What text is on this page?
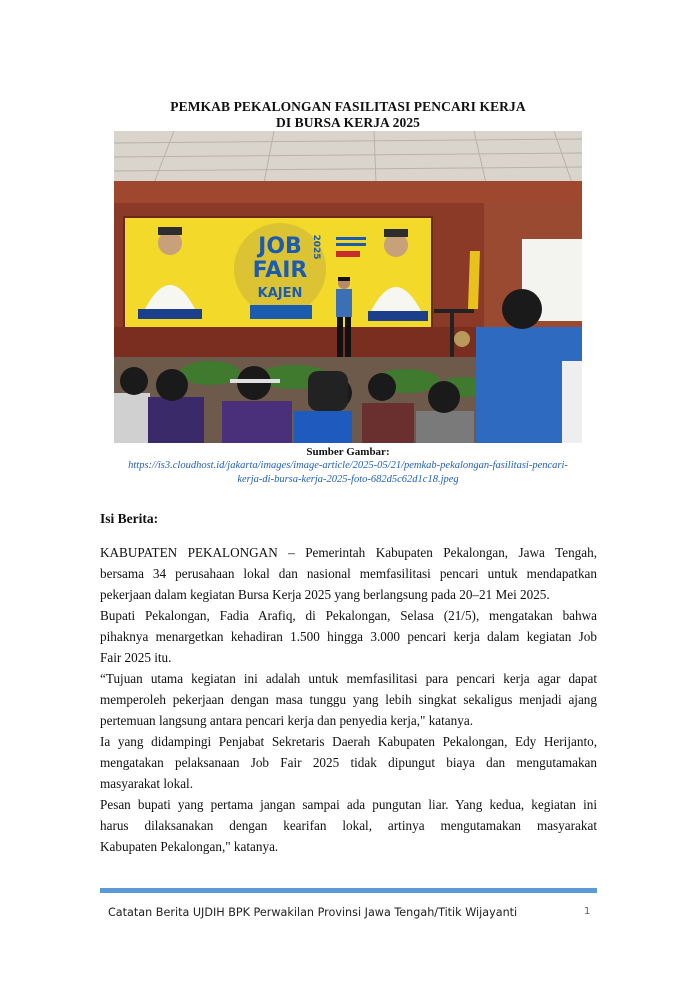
PEMKAB PEKALONGAN FASILITASI PENCARI KERJA
DI BURSA KERJA 2025
JOB
FAIR
2025
KAJEN
Sumber Gambar:
https://is3.cloudhost.id/jakarta/images/image-article/2025-05/21/pemkab-pekalongan-fasilitasi-pencari-
kerja-di-bursa-kerja-2025-foto-682d5c62d1c18.jpeg
Isi Berita:
KABUPATEN PEKALONGAN – Pemerintah Kabupaten Pekalongan, Jawa Tengah,
bersama 34 perusahaan lokal dan nasional memfasilitasi pencari untuk mendapatkan
pekerjaan dalam kegiatan Bursa Kerja 2025 yang berlangsung pada 20–21 Mei 2025.
Bupati Pekalongan, Fadia Arafiq, di Pekalongan, Selasa (21/5), mengatakan bahwa
pihaknya menargetkan kehadiran 1.500 hingga 3.000 pencari kerja dalam kegiatan Job
Fair 2025 itu.
“Tujuan utama kegiatan ini adalah untuk memfasilitasi para pencari kerja agar dapat
memperoleh pekerjaan dengan masa tunggu yang lebih singkat sekaligus menjadi ajang
pertemuan langsung antara pencari kerja dan penyedia kerja," katanya.
Ia yang didampingi Penjabat Sekretaris Daerah Kabupaten Pekalongan, Edy Herijanto,
mengatakan pelaksanaan Job Fair 2025 tidak dipungut biaya dan mengutamakan
masyarakat lokal.
Pesan bupati yang pertama jangan sampai ada pungutan liar. Yang kedua, kegiatan ini
harus dilaksanakan dengan kearifan lokal, artinya mengutamakan masyarakat
Kabupaten Pekalongan," katanya.
Catatan Berita UJDIH BPK Perwakilan Provinsi Jawa Tengah/Titik Wijayanti	1
